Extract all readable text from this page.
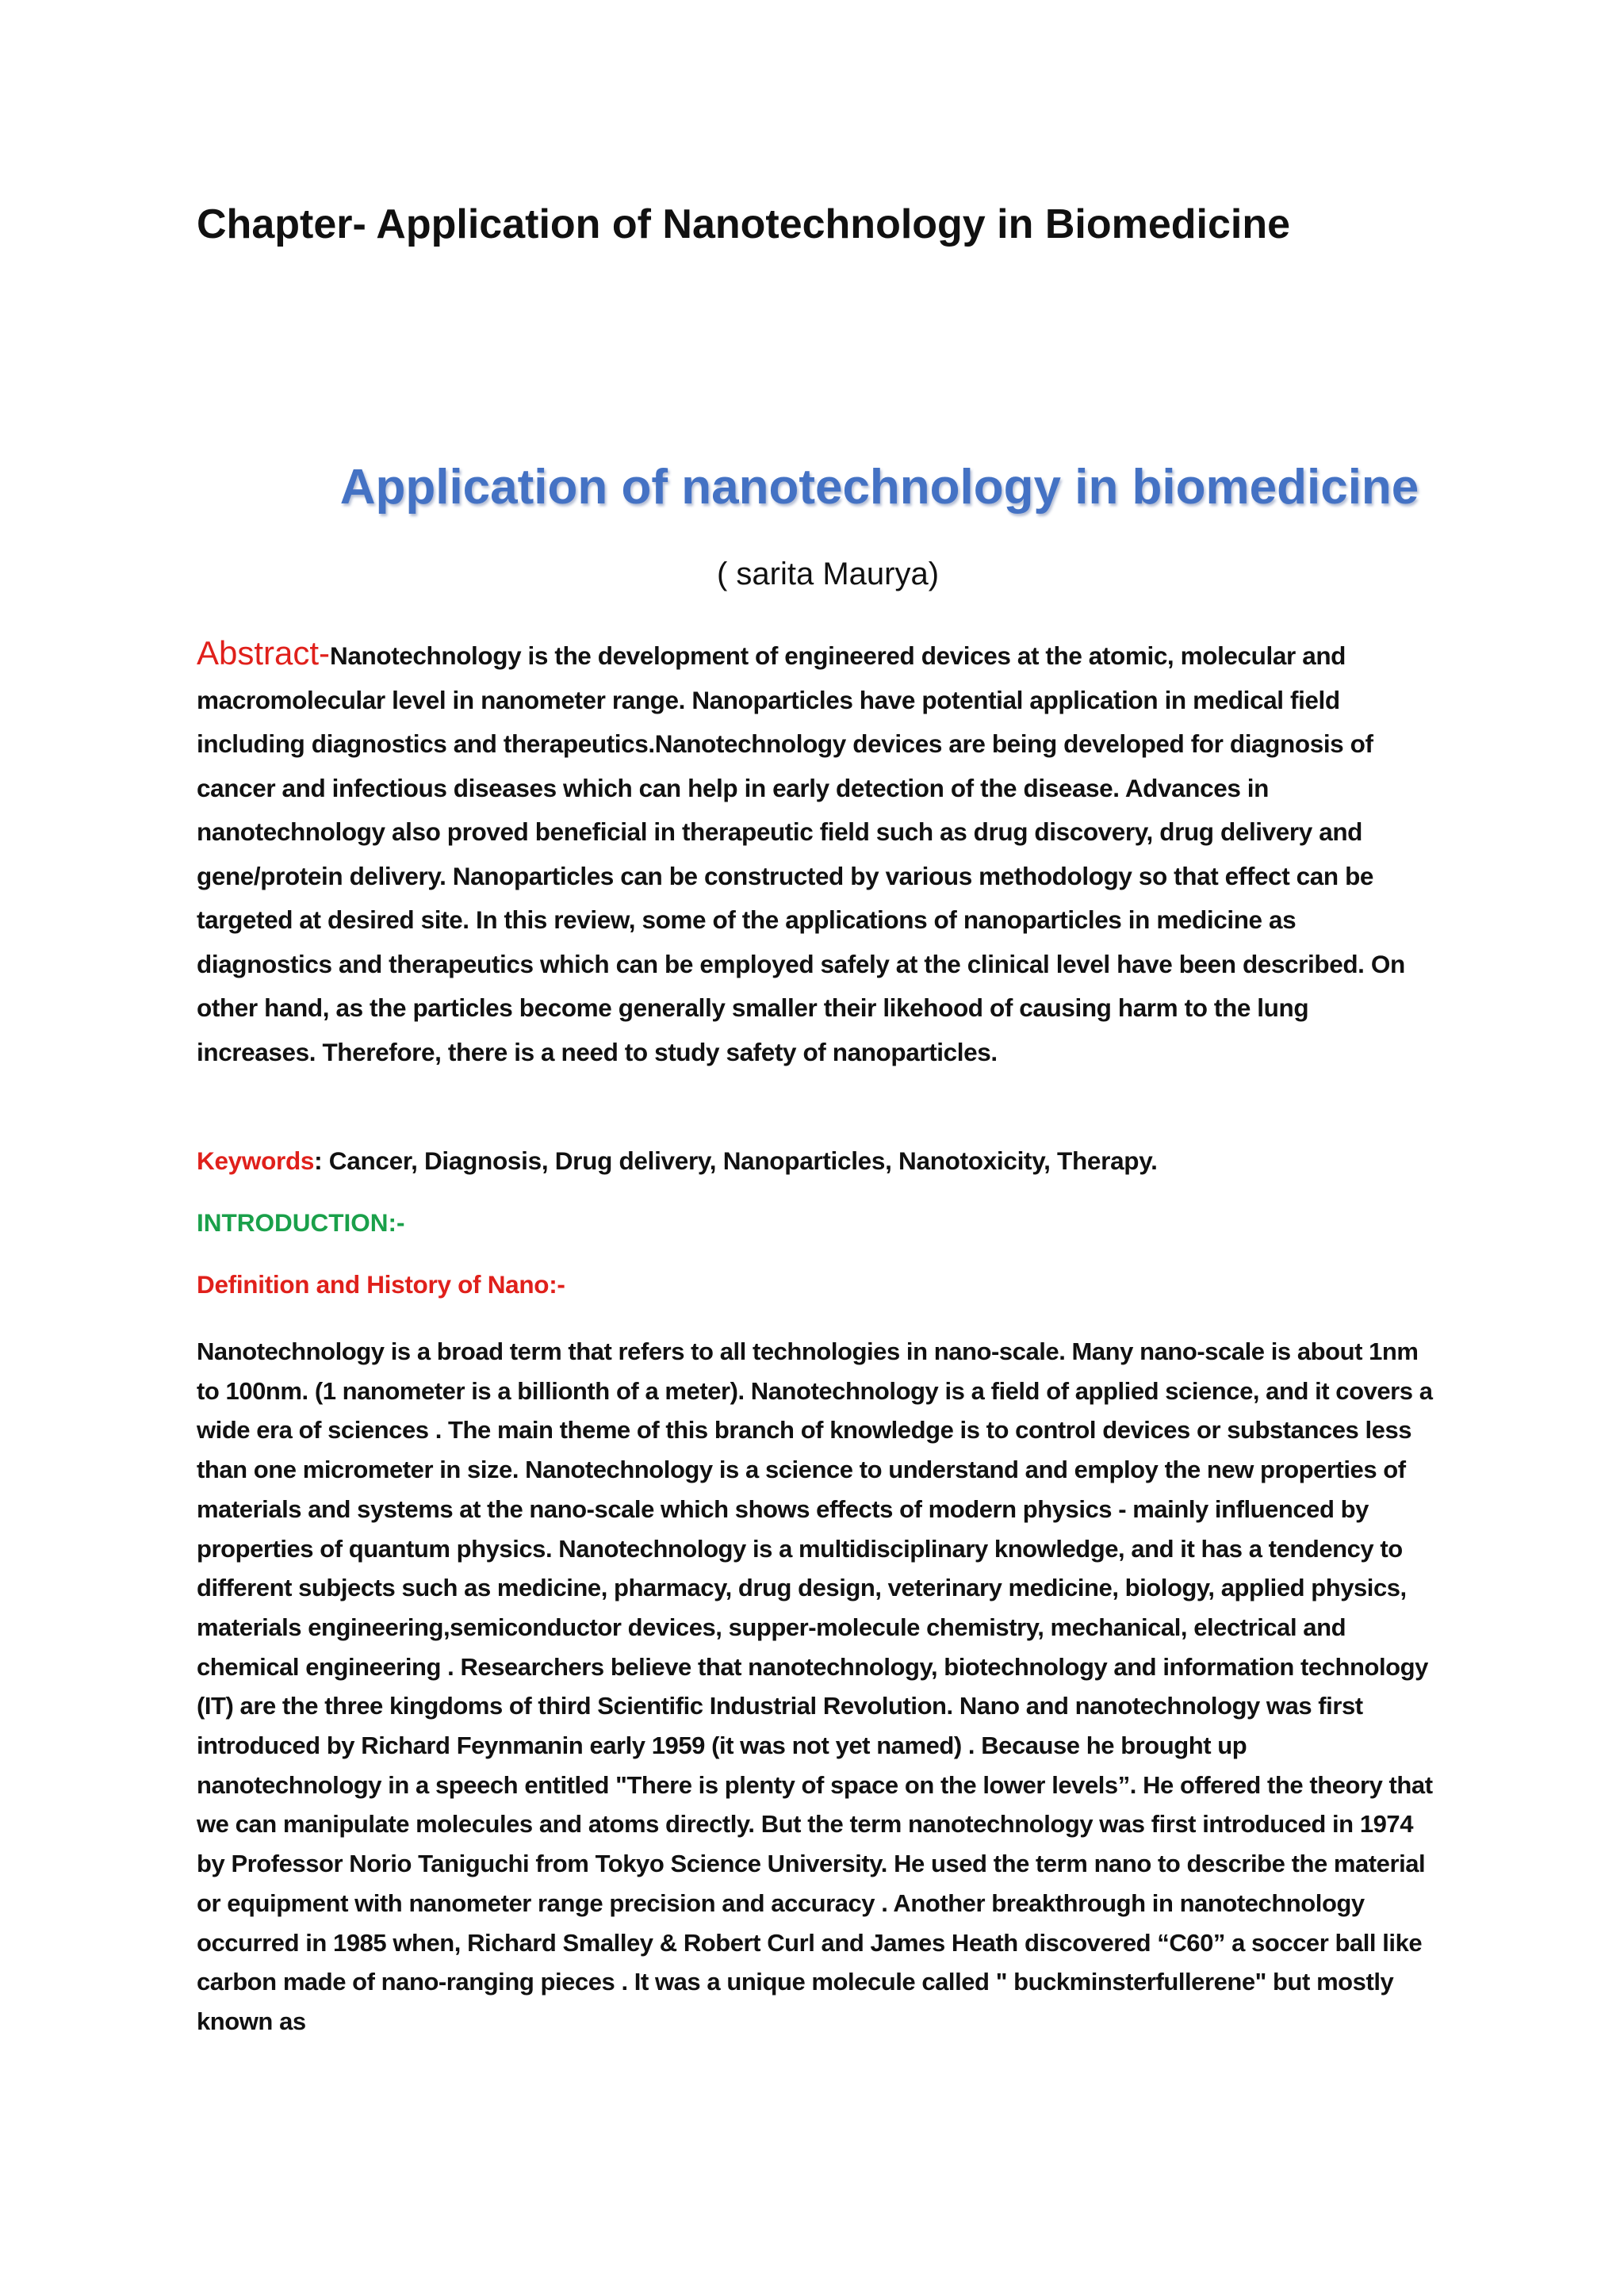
Chapter- Application of Nanotechnology in Biomedicine
Application of nanotechnology in biomedicine

( sarita Maurya)

Abstract-Nanotechnology is the development of engineered devices at the atomic, molecular and macromolecular level in nanometer range. Nanoparticles have potential application in medical field including diagnostics and therapeutics.Nanotechnology devices are being developed for diagnosis of cancer and infectious diseases which can help in early detection of the disease. Advances in nanotechnology also proved beneficial in therapeutic field such as drug discovery, drug delivery and gene/protein delivery. Nanoparticles can be constructed by various methodology so that effect can be targeted at desired site. In this review, some of the applications of nanoparticles in medicine as diagnostics and therapeutics which can be employed safely at the clinical level have been described. On other hand, as the particles become generally smaller their likehood of causing harm to the lung increases. Therefore, there is a need to study safety of nanoparticles.

Keywords: Cancer, Diagnosis, Drug delivery, Nanoparticles, Nanotoxicity, Therapy.

INTRODUCTION:-

Definition and History of Nano:-

Nanotechnology is a broad term that refers to all technologies in nano-scale. Many nano-scale is about 1nm to 100nm. (1 nanometer is a billionth of a meter). Nanotechnology is a field of applied science, and it covers a wide era of sciences . The main theme of this branch of knowledge is to control devices or substances less than one micrometer in size. Nanotechnology is a science to understand and employ the new properties of materials and systems at the nano-scale which shows effects of modern physics - mainly influenced by properties of quantum physics. Nanotechnology is a multidisciplinary knowledge, and it has a tendency to different subjects such as medicine, pharmacy, drug design, veterinary medicine, biology, applied physics, materials engineering,semiconductor devices, supper-molecule chemistry, mechanical, electrical and chemical engineering . Researchers believe that nanotechnology, biotechnology and information technology (IT) are the three kingdoms of third Scientific Industrial Revolution. Nano and nanotechnology was first introduced by Richard Feynmanin early 1959 (it was not yet named) . Because he brought up nanotechnology in a speech entitled "There is plenty of space on the lower levels”. He offered the theory that we can manipulate molecules and atoms directly. But the term nanotechnology was first introduced in 1974 by Professor Norio Taniguchi from Tokyo Science University. He used the term nano to describe the material or equipment with nanometer range precision and accuracy . Another breakthrough in nanotechnology occurred in 1985 when, Richard Smalley & Robert Curl and James Heath discovered “C60” a soccer ball like carbon made of nano-ranging pieces . It was a unique molecule called " buckminsterfullerene" but mostly known as
